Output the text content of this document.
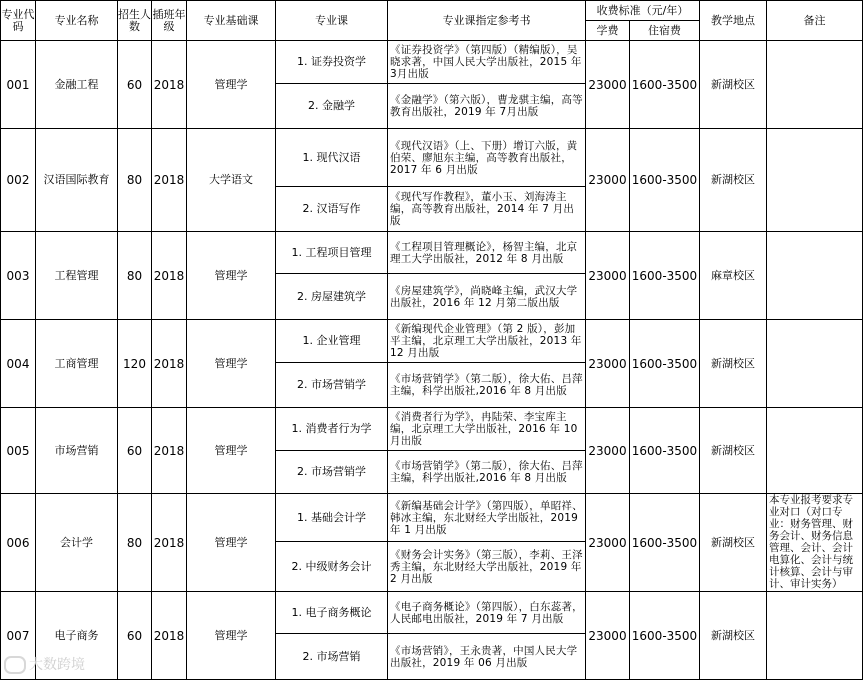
专业代码	专业名称	招生人数	插班年级	专业基础课	专业课	专业课指定参考书	收费标准（元/年）		教学地点	备注
							学费	住宿费		
001	金融工程	60	2018	管理学	1. 证券投资学	《证券投资学》（第四版）（精编版），吴晓求著，中国人民大学出版社，2015 年 3月出版	23000	1600-3500	新湖校区	
					2. 金融学	《金融学》（第六版），曹龙骐主编，高等教育出版社，2019 年 7月出版				
002	汉语国际教育	80	2018	大学语文	1. 现代汉语	《现代汉语》（上、下册）增订六版，黄伯荣、廖旭东主编，高等教育出版社，2017 年 6 月出版	23000	1600-3500	新湖校区	
					2. 汉语写作	《现代写作教程》，董小玉、刘海涛主编，高等教育出版社，2014 年 7 月出版				
003	工程管理	80	2018	管理学	1. 工程项目管理	《工程项目管理概论》，杨智主编，北京理工大学出版社，2012 年 8 月出版	23000	1600-3500	麻章校区	
					2. 房屋建筑学	《房屋建筑学》，尚晓峰主编，武汉大学出版社，2016 年 12 月第二版出版				
004	工商管理	120	2018	管理学	1. 企业管理	《新编现代企业管理》（第 2 版），彭加平主编，北京理工大学出版社，2013 年 12 月出版	23000	1600-3500	新湖校区	
					2. 市场营销学	《市场营销学》（第二版），徐大佑、吕萍主编，科学出版社,2016 年 8 月出版				
005	市场营销	60	2018	管理学	1. 消费者行为学	《消费者行为学》，冉陆荣、李宝库主编，北京理工大学出版社，2016 年 10 月出版	23000	1600-3500	新湖校区	
					2. 市场营销学	《市场营销学》（第二版），徐大佑、吕萍主编，科学出版社,2016 年 8 月出版				
006	会计学	80	2018	管理学	1. 基础会计学	《新编基础会计学》（第四版），单昭祥、韩冰主编，东北财经大学出版社，2019 年 1 月出版	23000	1600-3500	新湖校区	本专业报考要求专业对口（对口专业：财务管理、财务会计、财务信息管理、会计、会计电算化、会计与统计核算、会计与审计、审计实务）
					2. 中级财务会计	《财务会计实务》（第三版），李莉、王泽秀主编，东北财经大学出版社，2019 年 2 月出版				
007	电子商务	60	2018	管理学	1. 电子商务概论	《电子商务概论》（第四版），白东蕊著，人民邮电出版社，2019 年 7 月出版	23000	1600-3500	新湖校区	
					2. 市场营销	《市场营销》，王永贵著，中国人民大学出版社，2019 年 06 月出版				
大数跨境
